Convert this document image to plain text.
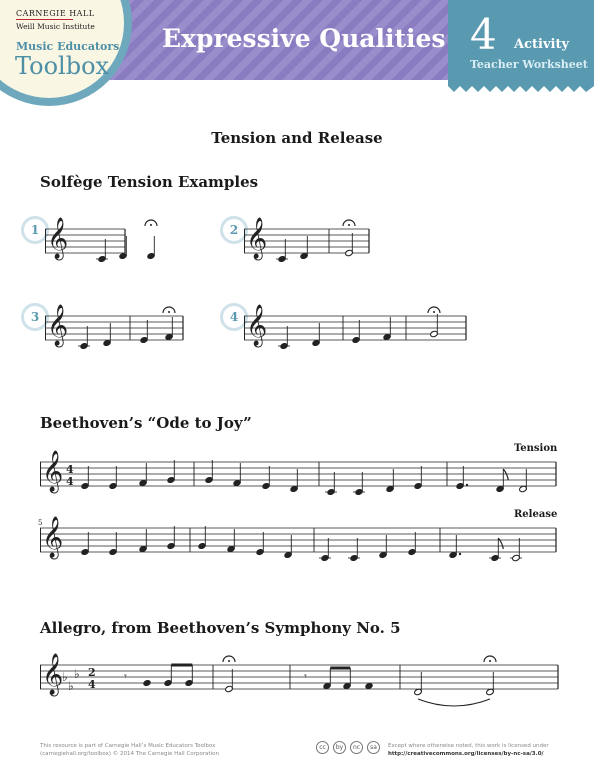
Expressive Qualities 4 Activity
Teacher Worksheet
CARNEGIE HALL
Weill Music Institute
Music Educators
Toolbox
Tension and Release
Solfège Tension Examples
Beethoven’s “Ode to Joy”
Allegro, from Beethoven’s Symphony No. 5
1	2
3	4
Tension
Release
5
𝄞	𝄞
𝄞	𝄞
𝄞 4
4
𝄞
𝄞
♭
♭
♭ 2
4
𝄾	𝄾
This resource is part of Carnegie Hall’s Music Educators Toolbox
(carnegiehall.org/toolbox) © 2014 The Carnegie Hall Corporation
cc	by	nc	sa	Except where otherwise noted, this work is licensed under
http://creativecommons.org/licenses/by-nc-sa/3.0/
